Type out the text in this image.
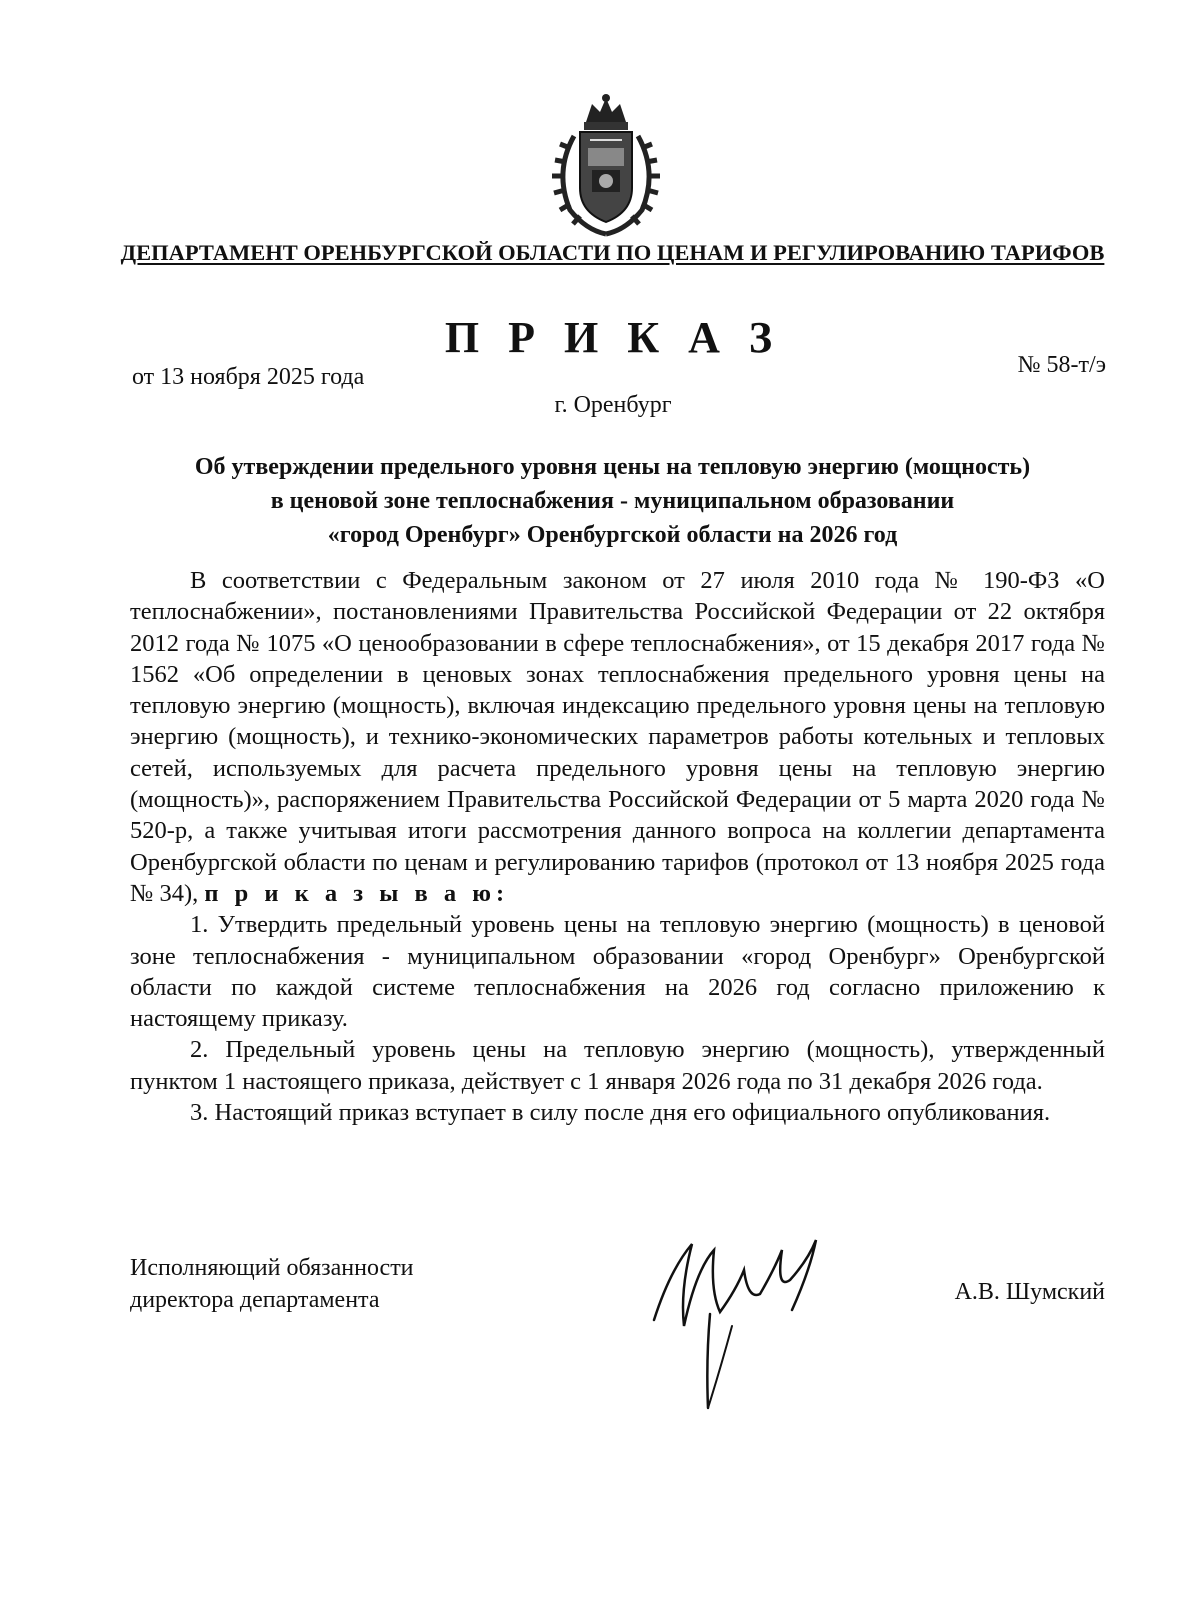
ДЕПАРТАМЕНТ ОРЕНБУРГСКОЙ ОБЛАСТИ ПО ЦЕНАМ И РЕГУЛИРОВАНИЮ ТАРИФОВ
П Р И К А З
от 13 ноября 2025 года	№ 58-т/э
г. Оренбург
Об утверждении предельного уровня цены на тепловую энергию (мощность)
в ценовой зоне теплоснабжения - муниципальном образовании
«город Оренбург» Оренбургской области на 2026 год

В соответствии с Федеральным законом от 27 июля 2010 года № 190-ФЗ «О теплоснабжении», постановлениями Правительства Российской Федерации от 22 октября 2012 года № 1075 «О ценообразовании в сфере теплоснабжения», от 15 декабря 2017 года № 1562 «Об определении в ценовых зонах теплоснабжения предельного уровня цены на тепловую энергию (мощность), включая индексацию предельного уровня цены на тепловую энергию (мощность), и технико-экономических параметров работы котельных и тепловых сетей, используемых для расчета предельного уровня цены на тепловую энергию (мощность)», распоряжением Правительства Российской Федерации от 5 марта 2020 года № 520-р, а также учитывая итоги рассмотрения данного вопроса на коллегии департамента Оренбургской области по ценам и регулированию тарифов (протокол от 13 ноября 2025 года № 34), п р и к а з ы в а ю:

1. Утвердить предельный уровень цены на тепловую энергию (мощность) в ценовой зоне теплоснабжения - муниципальном образовании «город Оренбург» Оренбургской области по каждой системе теплоснабжения на 2026 год согласно приложению к настоящему приказу.

2. Предельный уровень цены на тепловую энергию (мощность), утвержденный пунктом 1 настоящего приказа, действует с 1 января 2026 года по 31 декабря 2026 года.

3. Настоящий приказ вступает в силу после дня его официального опубликования.

Исполняющий обязанности
директора департамента	А.В. Шумский
